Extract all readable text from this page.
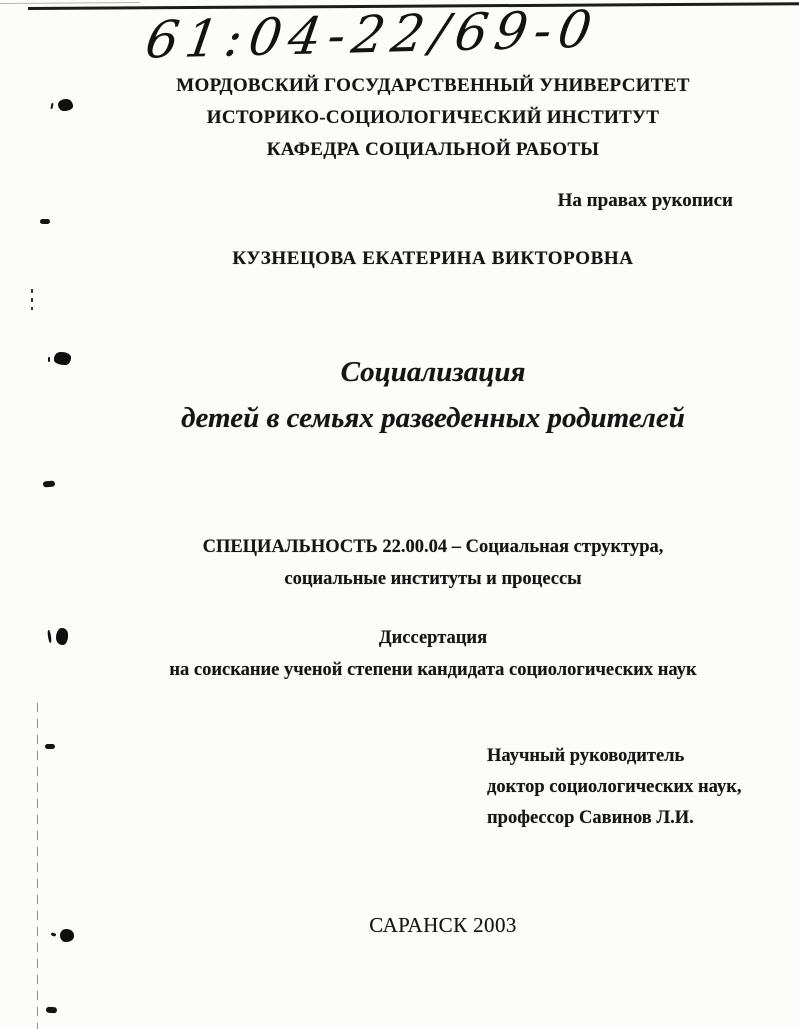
61:04-22/69-0
МОРДОВСКИЙ ГОСУДАРСТВЕННЫЙ УНИВЕРСИТЕТ
ИСТОРИКО-СОЦИОЛОГИЧЕСКИЙ ИНСТИТУТ
КАФЕДРА СОЦИАЛЬНОЙ РАБОТЫ
На правах рукописи
КУЗНЕЦОВА ЕКАТЕРИНА ВИКТОРОВНА
Социализация
детей в семьях разведенных родителей
СПЕЦИАЛЬНОСТЬ 22.00.04 – Социальная структура,
социальные институты и процессы
Диссертация
на соискание ученой степени кандидата социологических наук
Научный руководитель
доктор социологических наук,
профессор Савинов Л.И.
САРАНСК 2003
